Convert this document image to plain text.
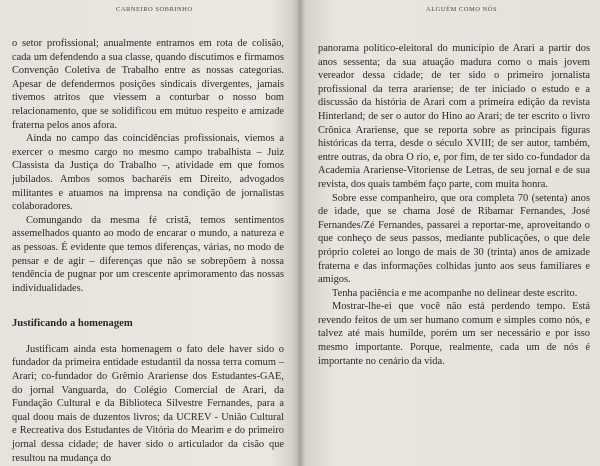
CARNEIRO SOBRINHO

o setor profissional; anualmente entramos em rota de colisão, cada um defendendo a sua classe, quando discutimos e firmamos Convenção Coletiva de Trabalho entre as nossas categorias. Apesar de defendermos posições sindicais divergentes, jamais tivemos atritos que viessem a conturbar o nosso bom relacionamento, que se solidificou em mútuo respeito e amizade fraterna pelos anos afora.

Ainda no campo das coincidências profissionais, viemos a exercer o mesmo cargo no mesmo campo trabalhista – Juiz Classista da Justiça do Trabalho –, atividade em que fomos jubilados. Ambos somos bacharéis em Direito, advogados militantes e atuamos na imprensa na condição de jornalistas colaboradores.

Comungando da mesma fé cristã, temos sentimentos assemelhados quanto ao modo de encarar o mundo, a natureza e as pessoas. É evidente que temos diferenças, várias, no modo de pensar e de agir – diferenças que não se sobrepõem à nossa tendência de pugnar por um crescente aprimoramento das nossas individualidades.

Justificando a homenagem

Justificam ainda esta homenagem o fato dele haver sido o fundador da primeira entidade estudantil da nossa terra comum –Arari; co-fundador do Grêmio Arariense dos Estudantes-GAE, do jornal Vanguarda, do Colégio Comercial de Arari, da Fundação Cultural e da Biblioteca Silvestre Fernandes, para a qual doou mais de duzentos livros; da UCREV - União Cultural e Recreativa dos Estudantes de Vitória do Mearim e do primeiro jornal dessa cidade; de haver sido o articulador da cisão que resultou na mudança do

ALGUÉM COMO NÓS

panorama político-eleitoral do município de Arari a partir dos anos sessenta; da sua atuação madura como o mais jovem vereador dessa cidade; de ter sido o primeiro jornalista profissional da terra arariense; de ter iniciado o estudo e a discussão da história de Arari com a primeira edição da revista Hinterland; de ser o autor do Hino ao Arari; de ter escrito o livro Crônica Arariense, que se reporta sobre as principais figuras históricas da terra, desde o século XVIII; de ser autor, também, entre outras, da obra O rio, e, por fim, de ter sido co-fundador da Academia Arariense-Vitoriense de Letras, de seu jornal e de sua revista, dos quais também faço parte, com muita honra.

Sobre esse companheiro, que ora completa 70 (setenta) anos de idade, que se chama José de Ribamar Fernandes, José Fernandes/Zé Fernandes, passarei a reportar-me, aproveitando o que conheço de seus passos, mediante publicações, o que dele próprio coletei ao longo de mais de 30 (trinta) anos de amizade fraterna e das informações colhidas junto aos seus familiares e amigos.

Tenha paciência e me acompanhe no delinear deste escrito.

Mostrar-lhe-ei que você não está perdendo tempo. Está revendo feitos de um ser humano comum e simples como nós, e talvez até mais humilde, porém um ser necessário e por isso mesmo importante. Porque, realmente, cada um de nós é importante no cenário da vida.
